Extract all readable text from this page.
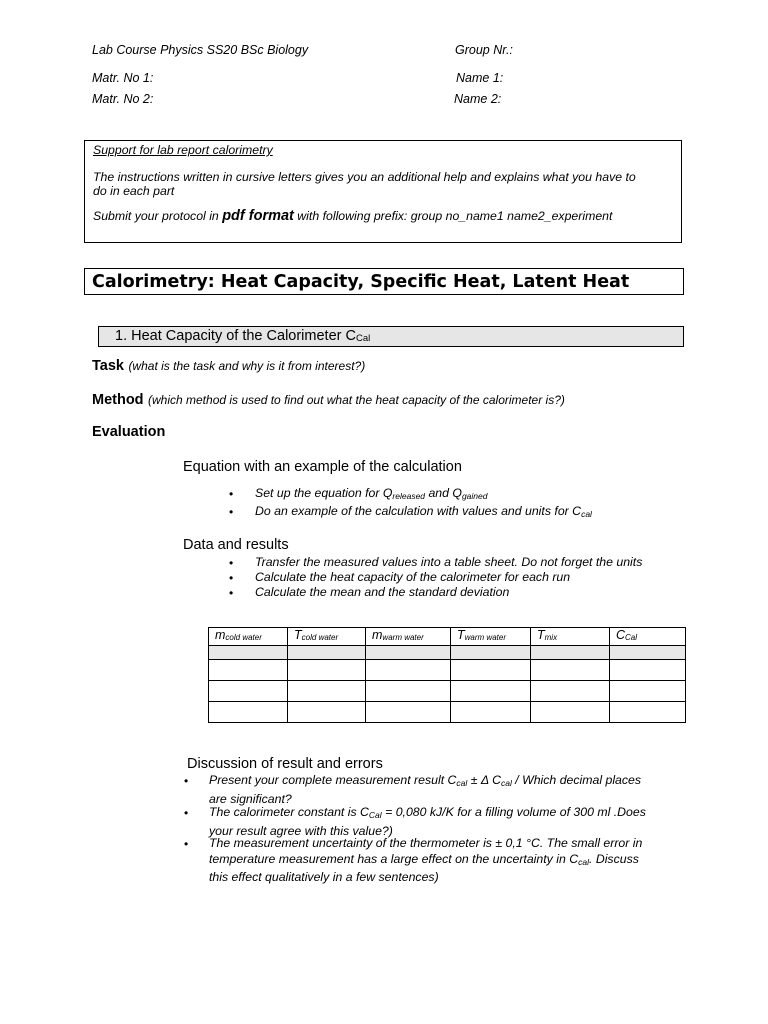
Lab Course Physics SS20 BSc Biology	Group Nr.:
Matr. No 1:	Name 1:
Matr. No 2:	Name 2:
Support for lab report calorimetry
The instructions written in cursive letters gives you an additional help and explains what you have to
do in each part
Submit your protocol in pdf format with following prefix: group no_name1 name2_experiment
Calorimetry: Heat Capacity, Specific Heat, Latent Heat
1. Heat Capacity of the Calorimeter $C_{Cal}$
Task (what is the task and why is it from interest?)
Method (which method is used to find out what the heat capacity of the calorimeter is?)
Evaluation
Equation with an example of the calculation
• Set up the equation for $Q_{released}$ and $Q_{gained}$
• Do an example of the calculation with values and units for $C_{cal}$
Data and results
• Transfer the measured values into a table sheet. Do not forget the units
• Calculate the heat capacity of the calorimeter for each run
• Calculate the mean and the standard deviation
$m_{cold water}$	$T_{cold water}$	$m_{warm water}$	$T_{warm water}$	$T_{mix}$	$C_{Cal}$

Discussion of result and errors
• Present your complete measurement result $C_{cal} \pm \Delta$ $C_{cal}$ / Which decimal places
are significant?
• The calorimeter constant is $C_{Cal} = 0,080$ kJ/K for a filling volume of 300 ml .Does
your result agree with this value?)
• The measurement uncertainty of the thermometer is ± 0,1 °C. The small error in
temperature measurement has a large effect on the uncertainty in $C_{cal}$. Discuss
this effect qualitatively in a few sentences)
